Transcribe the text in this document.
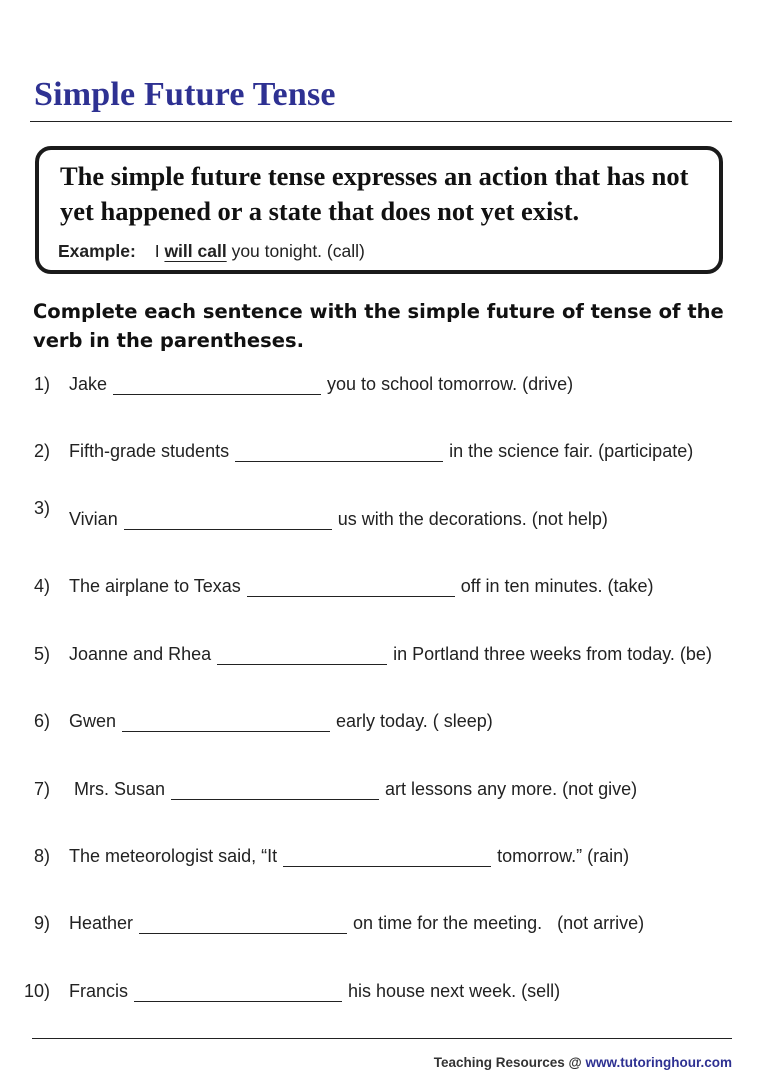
Simple Future Tense
The simple future tense expresses an action that has not yet happened or a state that does not yet exist.
Example: I will call you tonight. (call)
Complete each sentence with the simple future of tense of the verb in the parentheses.
1) Jake	you to school tomorrow. (drive)
2) Fifth-grade students	in the science fair. (participate)
3)
Vivian	us with the decorations. (not help)
4) The airplane to Texas	off in ten minutes. (take)
5) Joanne and Rhea	in Portland three weeks from today. (be)
6) Gwen	early today. ( sleep)
7) Mrs. Susan	art lessons any more. (not give)
8) The meteorologist said, “It	tomorrow.” (rain)
9) Heather	on time for the meeting.   (not arrive)
10) Francis	his house next week. (sell)
Teaching Resources @ www.tutoringhour.com
